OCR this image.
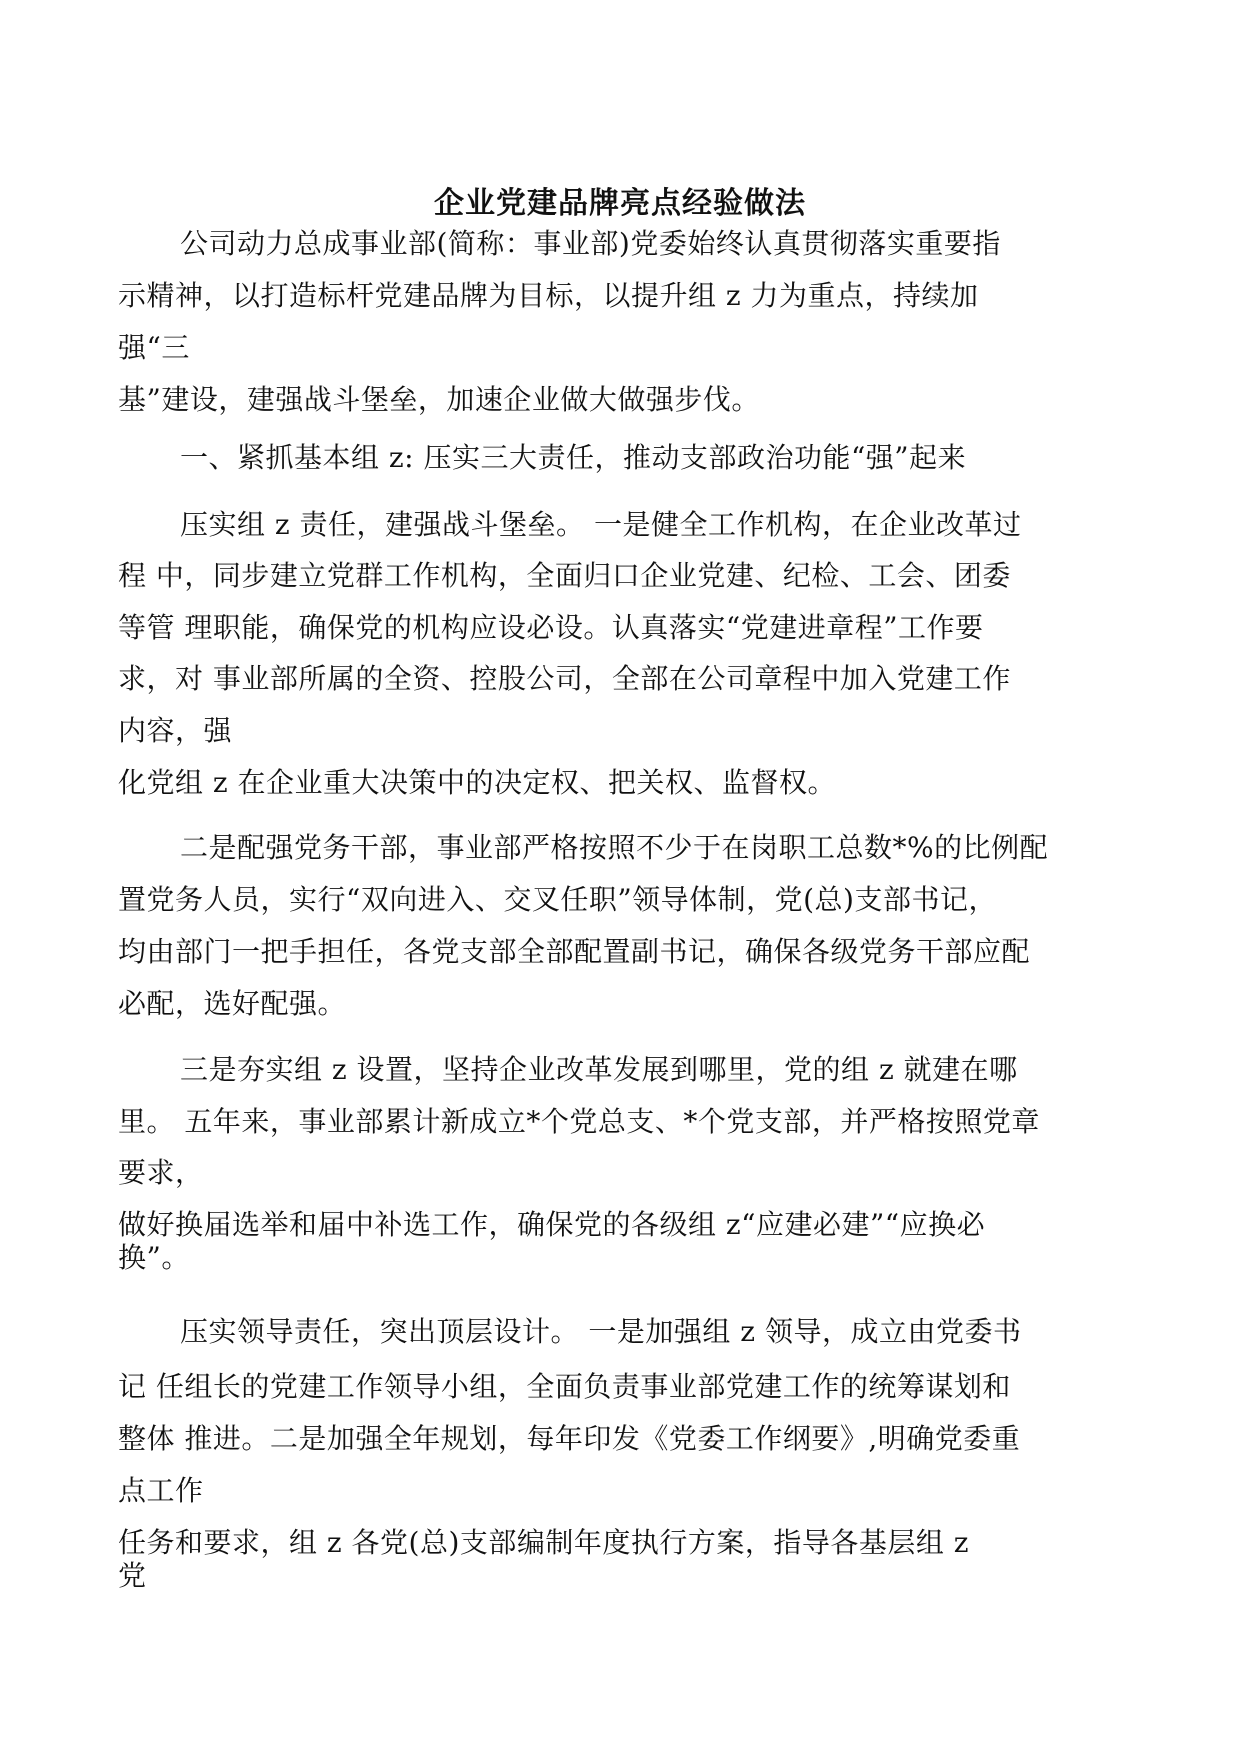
企业党建品牌亮点经验做法
公司动力总成事业部(简称：事业部)党委始终认真贯彻落实重要指
示精神，以打造标杆党建品牌为目标，以提升组 z 力为重点，持续加
强“三
基”建设，建强战斗堡垒，加速企业做大做强步伐。
一、紧抓基本组 z: 压实三大责任，推动支部政治功能“强”起来
压实组 z 责任，建强战斗堡垒。 一是健全工作机构，在企业改革过
程 中，同步建立党群工作机构，全面归口企业党建、纪检、工会、团委
等管 理职能，确保党的机构应设必设。认真落实“党建进章程”工作要
求，对 事业部所属的全资、控股公司，全部在公司章程中加入党建工作
内容，强
化党组 z 在企业重大决策中的决定权、把关权、监督权。
二是配强党务干部，事业部严格按照不少于在岗职工总数*%的比例配
置党务人员，实行“双向进入、交叉任职”领导体制，党(总)支部书记，
均由部门一把手担任，各党支部全部配置副书记，确保各级党务干部应配
必配，选好配强。
三是夯实组 z 设置，坚持企业改革发展到哪里，党的组 z 就建在哪
里。 五年来，事业部累计新成立*个党总支、*个党支部，并严格按照党章
要求，
做好换届选举和届中补选工作，确保党的各级组 z“应建必建”“应换必
换”。
压实领导责任，突出顶层设计。 一是加强组 z 领导，成立由党委书
记 任组长的党建工作领导小组，全面负责事业部党建工作的统筹谋划和
整体 推进。二是加强全年规划，每年印发《党委工作纲要》,明确党委重
点工作
任务和要求，组 z 各党(总)支部编制年度执行方案，指导各基层组 z
党
